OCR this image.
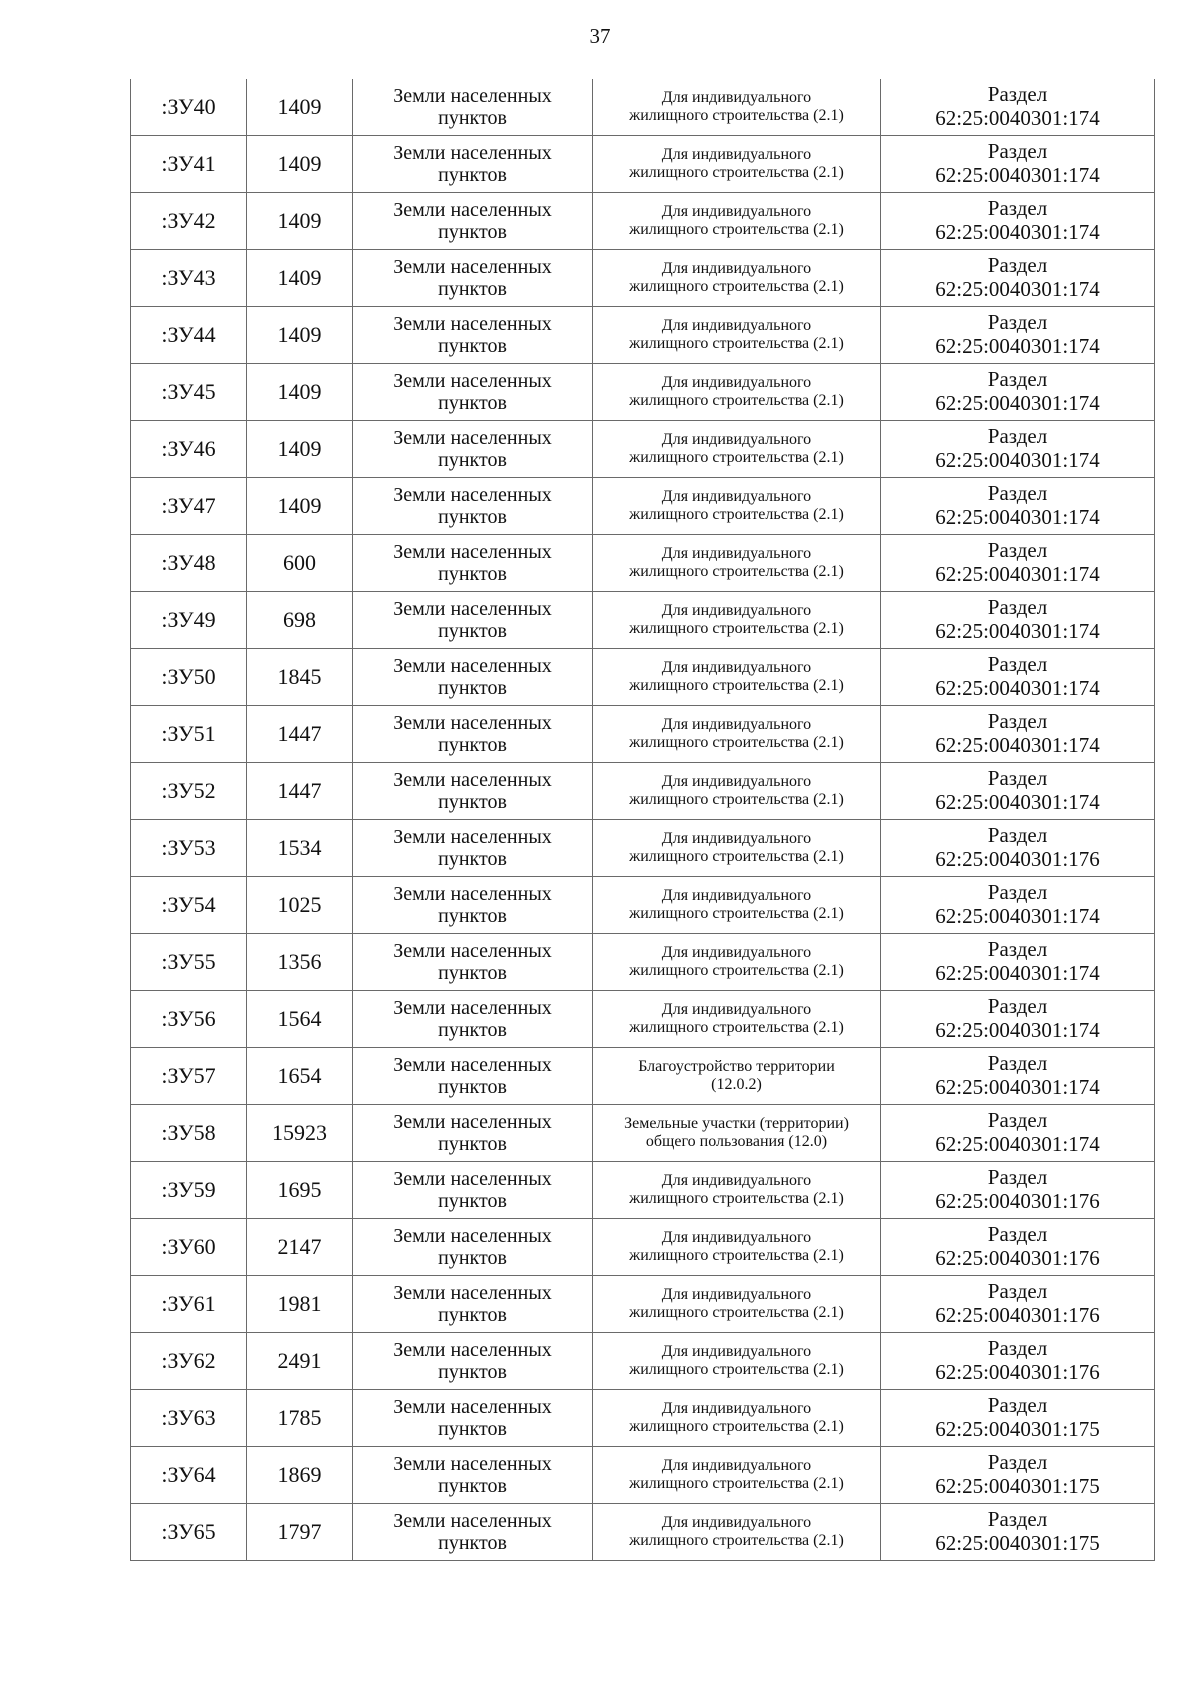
37
:ЗУ40	1409	Земли населенных
пунктов	Для индивидуального
жилищного строительства (2.1)	Раздел
62:25:0040301:174

:ЗУ41	1409	Земли населенных
пунктов	Для индивидуального
жилищного строительства (2.1)	Раздел
62:25:0040301:174

:ЗУ42	1409	Земли населенных
пунктов	Для индивидуального
жилищного строительства (2.1)	Раздел
62:25:0040301:174

:ЗУ43	1409	Земли населенных
пунктов	Для индивидуального
жилищного строительства (2.1)	Раздел
62:25:0040301:174

:ЗУ44	1409	Земли населенных
пунктов	Для индивидуального
жилищного строительства (2.1)	Раздел
62:25:0040301:174

:ЗУ45	1409	Земли населенных
пунктов	Для индивидуального
жилищного строительства (2.1)	Раздел
62:25:0040301:174

:ЗУ46	1409	Земли населенных
пунктов	Для индивидуального
жилищного строительства (2.1)	Раздел
62:25:0040301:174

:ЗУ47	1409	Земли населенных
пунктов	Для индивидуального
жилищного строительства (2.1)	Раздел
62:25:0040301:174

:ЗУ48	600	Земли населенных
пунктов	Для индивидуального
жилищного строительства (2.1)	Раздел
62:25:0040301:174

:ЗУ49	698	Земли населенных
пунктов	Для индивидуального
жилищного строительства (2.1)	Раздел
62:25:0040301:174

:ЗУ50	1845	Земли населенных
пунктов	Для индивидуального
жилищного строительства (2.1)	Раздел
62:25:0040301:174

:ЗУ51	1447	Земли населенных
пунктов	Для индивидуального
жилищного строительства (2.1)	Раздел
62:25:0040301:174

:ЗУ52	1447	Земли населенных
пунктов	Для индивидуального
жилищного строительства (2.1)	Раздел
62:25:0040301:174

:ЗУ53	1534	Земли населенных
пунктов	Для индивидуального
жилищного строительства (2.1)	Раздел
62:25:0040301:176

:ЗУ54	1025	Земли населенных
пунктов	Для индивидуального
жилищного строительства (2.1)	Раздел
62:25:0040301:174

:ЗУ55	1356	Земли населенных
пунктов	Для индивидуального
жилищного строительства (2.1)	Раздел
62:25:0040301:174

:ЗУ56	1564	Земли населенных
пунктов	Для индивидуального
жилищного строительства (2.1)	Раздел
62:25:0040301:174

:ЗУ57	1654	Земли населенных
пунктов	Благоустройство территории
(12.0.2)	Раздел
62:25:0040301:174

:ЗУ58	15923	Земли населенных
пунктов	Земельные участки (территории)
общего пользования (12.0)	Раздел
62:25:0040301:174

:ЗУ59	1695	Земли населенных
пунктов	Для индивидуального
жилищного строительства (2.1)	Раздел
62:25:0040301:176

:ЗУ60	2147	Земли населенных
пунктов	Для индивидуального
жилищного строительства (2.1)	Раздел
62:25:0040301:176

:ЗУ61	1981	Земли населенных
пунктов	Для индивидуального
жилищного строительства (2.1)	Раздел
62:25:0040301:176

:ЗУ62	2491	Земли населенных
пунктов	Для индивидуального
жилищного строительства (2.1)	Раздел
62:25:0040301:176

:ЗУ63	1785	Земли населенных
пунктов	Для индивидуального
жилищного строительства (2.1)	Раздел
62:25:0040301:175

:ЗУ64	1869	Земли населенных
пунктов	Для индивидуального
жилищного строительства (2.1)	Раздел
62:25:0040301:175

:ЗУ65	1797	Земли населенных
пунктов	Для индивидуального
жилищного строительства (2.1)	Раздел
62:25:0040301:175
